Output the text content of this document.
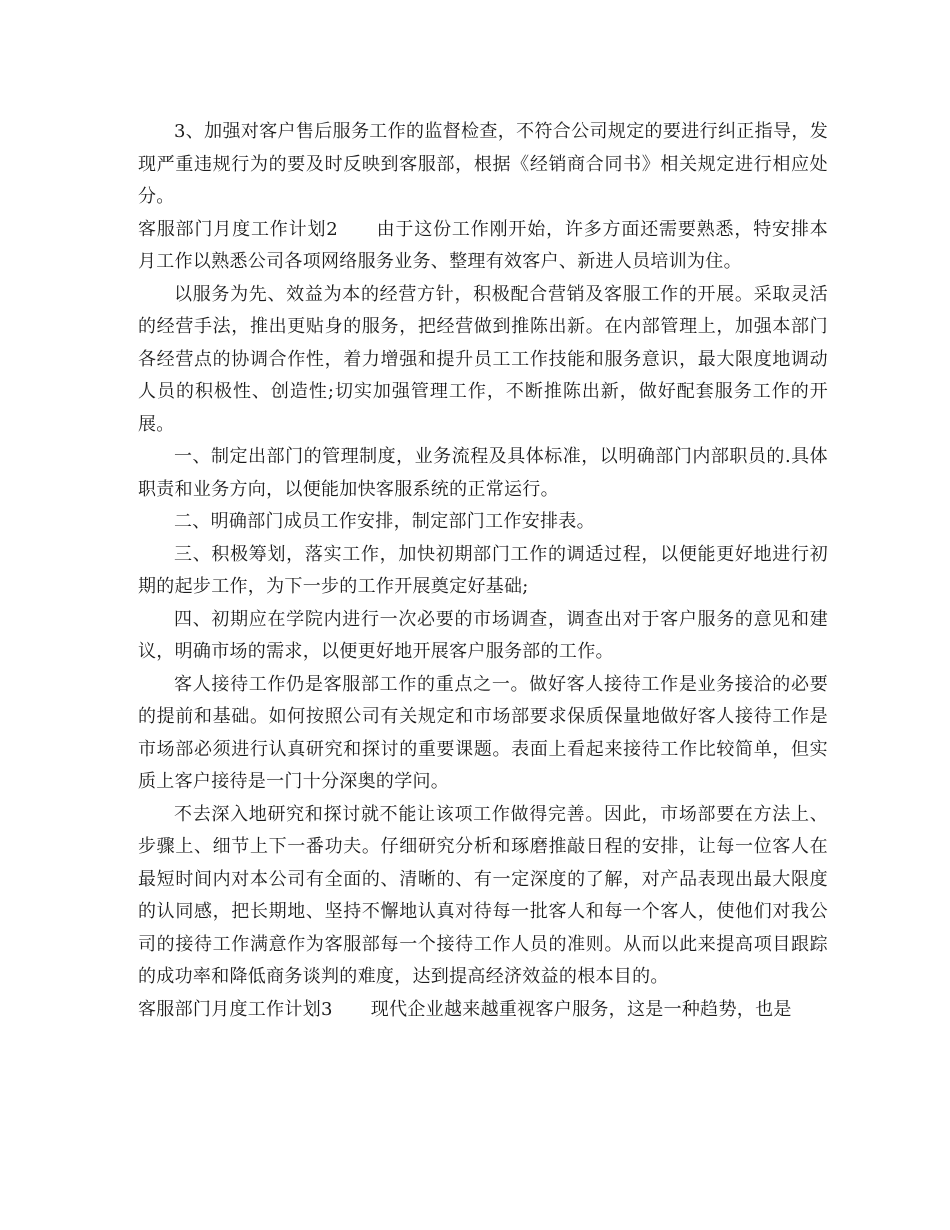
3、加强对客户售后服务工作的监督检查，不符合公司规定的要进行纠正指导，发现严重违规行为的要及时反映到客服部，根据《经销商合同书》相关规定进行相应处分。

客服部门月度工作计划2 由于这份工作刚开始，许多方面还需要熟悉，特安排本月工作以熟悉公司各项网络服务业务、整理有效客户、新进人员培训为住。

以服务为先、效益为本的经营方针，积极配合营销及客服工作的开展。采取灵活的经营手法，推出更贴身的服务，把经营做到推陈出新。在内部管理上，加强本部门各经营点的协调合作性，着力增强和提升员工工作技能和服务意识，最大限度地调动人员的积极性、创造性;切实加强管理工作，不断推陈出新，做好配套服务工作的开展。

一、制定出部门的管理制度，业务流程及具体标准，以明确部门内部职员的.具体职责和业务方向，以便能加快客服系统的正常运行。

二、明确部门成员工作安排，制定部门工作安排表。

三、积极筹划，落实工作，加快初期部门工作的调适过程，以便能更好地进行初期的起步工作，为下一步的工作开展奠定好基础;

四、初期应在学院内进行一次必要的市场调查，调查出对于客户服务的意见和建议，明确市场的需求，以便更好地开展客户服务部的工作。

客人接待工作仍是客服部工作的重点之一。做好客人接待工作是业务接洽的必要的提前和基础。如何按照公司有关规定和市场部要求保质保量地做好客人接待工作是市场部必须进行认真研究和探讨的重要课题。表面上看起来接待工作比较简单，但实质上客户接待是一门十分深奥的学问。

不去深入地研究和探讨就不能让该项工作做得完善。因此，市场部要在方法上、步骤上、细节上下一番功夫。仔细研究分析和琢磨推敲日程的安排，让每一位客人在最短时间内对本公司有全面的、清晰的、有一定深度的了解，对产品表现出最大限度的认同感，把长期地、坚持不懈地认真对待每一批客人和每一个客人，使他们对我公司的接待工作满意作为客服部每一个接待工作人员的准则。从而以此来提高项目跟踪的成功率和降低商务谈判的难度，达到提高经济效益的根本目的。

客服部门月度工作计划3 现代企业越来越重视客户服务，这是一种趋势，也是
